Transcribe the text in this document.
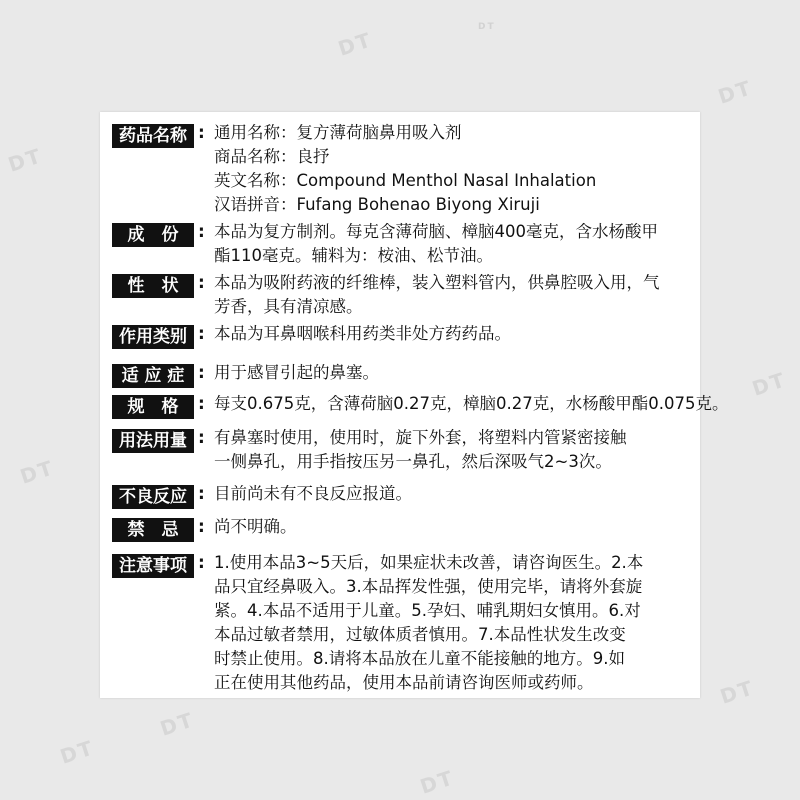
DT
DT
DT
DT
DT
DT
DT
DT
DT
DT
药品名称 : 通用名称：复方薄荷脑鼻用吸入剂
商品名称：良抒
英文名称：Compound Menthol Nasal Inhalation
汉语拼音：Fufang Bohenao Biyong Xiruji
成　份	: 本品为复方制剂。每克含薄荷脑、樟脑400毫克，含水杨酸甲
酯110毫克。辅料为：桉油、松节油。
性　状	: 本品为吸附药液的纤维棒，装入塑料管内，供鼻腔吸入用，气
芳香，具有清凉感。
作用类别 : 本品为耳鼻咽喉科用药类非处方药药品。
适 应 症 : 用于感冒引起的鼻塞。
规　格	: 每支0.675克，含薄荷脑0.27克，樟脑0.27克，水杨酸甲酯0.075克。
用法用量 : 有鼻塞时使用，使用时，旋下外套，将塑料内管紧密接触
一侧鼻孔，用手指按压另一鼻孔，然后深吸气2~3次。
不良反应 : 目前尚未有不良反应报道。
禁　忌	: 尚不明确。
注意事项 : 1.使用本品3~5天后，如果症状未改善，请咨询医生。2.本
品只宜经鼻吸入。3.本品挥发性强，使用完毕，请将外套旋
紧。4.本品不适用于儿童。5.孕妇、哺乳期妇女慎用。6.对
本品过敏者禁用，过敏体质者慎用。7.本品性状发生改变
时禁止使用。8.请将本品放在儿童不能接触的地方。9.如
正在使用其他药品，使用本品前请咨询医师或药师。
